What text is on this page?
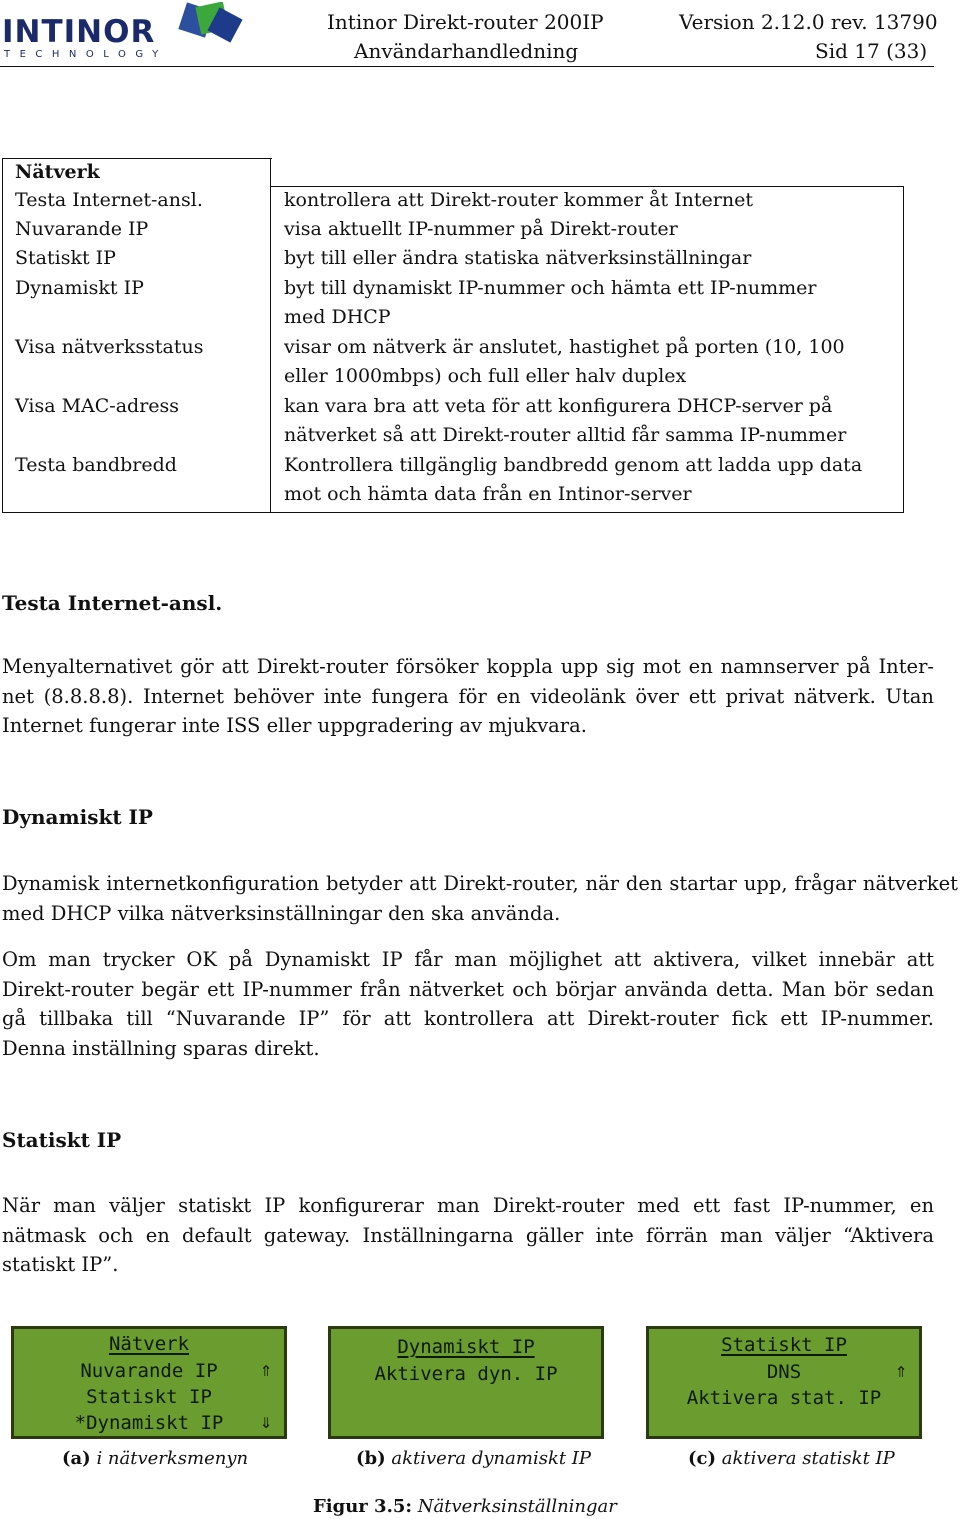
INTINOR
TECHNOLOGY
Intinor Direkt-router 200IP	Version 2.12.0 rev. 13790
Användarhandledning	Sid 17 (33)
Nätverk
Testa Internet-ansl.	kontrollera att Direkt-router kommer åt Internet
Nuvarande IP	visa aktuellt IP-nummer på Direkt-router
Statiskt IP	byt till eller ändra statiska nätverksinställningar
Dynamiskt IP	byt till dynamiskt IP-nummer och hämta ett IP-nummer
med DHCP
Visa nätverksstatus	visar om nätverk är anslutet, hastighet på porten (10, 100
eller 1000mbps) och full eller halv duplex
Visa MAC-adress	kan vara bra att veta för att konfigurera DHCP-server på
nätverket så att Direkt-router alltid får samma IP-nummer
Testa bandbredd	Kontrollera tillgänglig bandbredd genom att ladda upp data
mot och hämta data från en Intinor-server
Testa Internet-ansl.
Menyalternativet gör att Direkt-router försöker koppla upp sig mot en namnserver på Inter-
net (8.8.8.8). Internet behöver inte fungera för en videolänk över ett privat nätverk. Utan
Internet fungerar inte ISS eller uppgradering av mjukvara.
Dynamiskt IP
Dynamisk internetkonfiguration betyder att Direkt-router, när den startar upp, frågar nätverket
med DHCP vilka nätverksinställningar den ska använda.
Om man trycker OK på Dynamiskt IP får man möjlighet att aktivera, vilket innebär att
Direkt-router begär ett IP-nummer från nätverket och börjar använda detta. Man bör sedan
gå tillbaka till “Nuvarande IP” för att kontrollera att Direkt-router fick ett IP-nummer.
Denna inställning sparas direkt.
Statiskt IP
När man väljer statiskt IP konfigurerar man Direkt-router med ett fast IP-nummer, en
nätmask och en default gateway. Inställningarna gäller inte förrän man väljer “Aktivera
statiskt IP”.
Nätverk
Nuvarande IP
Statiskt IP
*Dynamiskt IP
⇑
⇓
Dynamiskt IP
Aktivera dyn. IP
Statiskt IP
DNS
Aktivera stat. IP
⇑
(a) i nätverksmenyn	(b) aktivera dynamiskt IP	(c) aktivera statiskt IP
Figur 3.5: Nätverksinställningar
